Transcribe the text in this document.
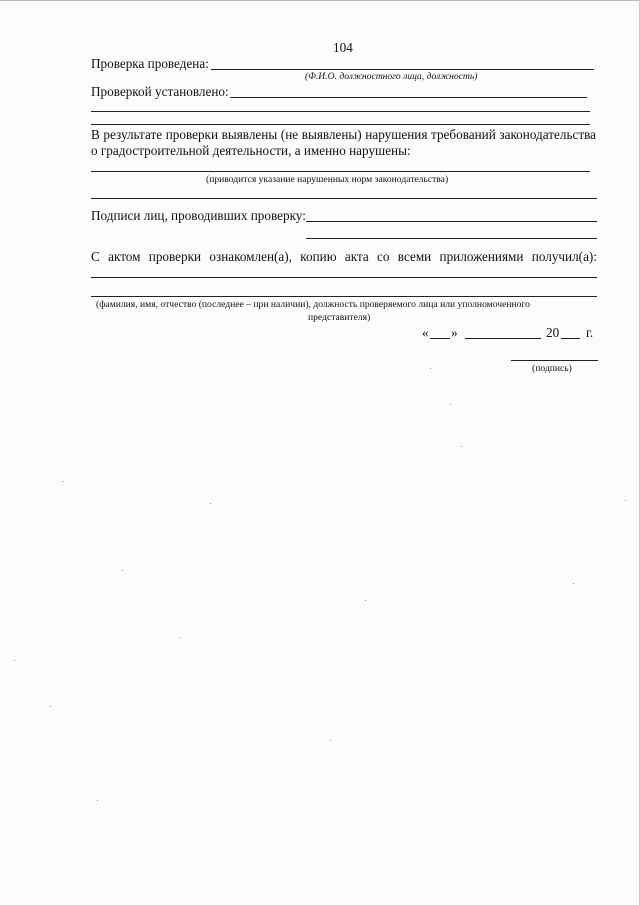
104
Проверка проведена:
(Ф.И.О. должностного лица, должность)
Проверкой установлено:
В результате проверки выявлены (не выявлены) нарушения требований законодательства
о градостроительной деятельности, а именно нарушены:
(приводится указание нарушенных норм законодательства)
Подписи лиц, проводивших проверку:
С актом проверки ознакомлен(а), копию акта со всеми приложениями получил(а):
(фамилия, имя, отчество (последнее – при наличии), должность проверяемого лица или уполномоченного
представителя)
« »	20 г.
(подпись)
